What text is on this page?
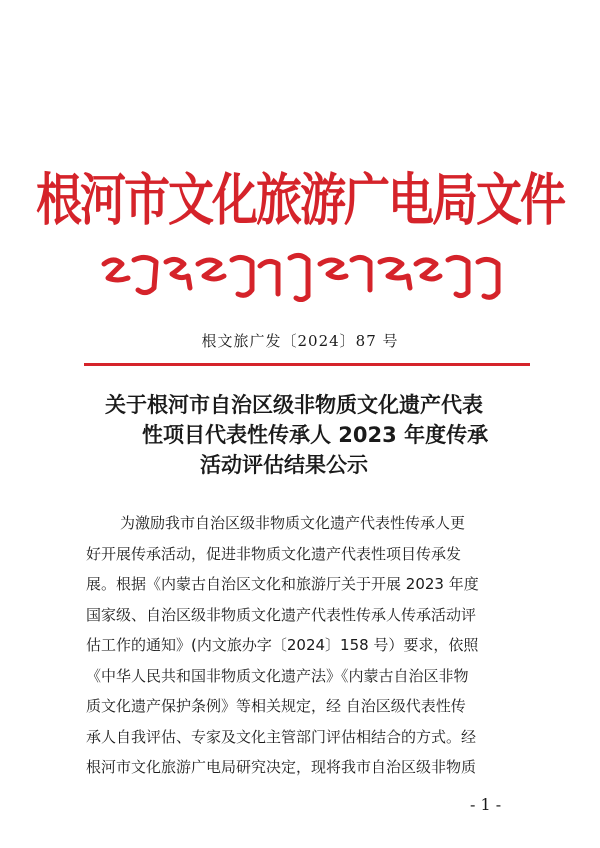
根河市文化旅游广电局文件
根文旅广发〔2024〕87 号
关于根河市自治区级非物质文化遗产代表
性项目代表性传承人 2023 年度传承
活动评估结果公示
为激励我市自治区级非物质文化遗产代表性传承人更
好开展传承活动，促进非物质文化遗产代表性项目传承发
展。根据《内蒙古自治区文化和旅游厅关于开展 2023 年度
国家级、自治区级非物质文化遗产代表性传承人传承活动评
估工作的通知》(内文旅办字〔2024〕158 号）要求，依照
《中华人民共和国非物质文化遗产法》《内蒙古自治区非物
质文化遗产保护条例》等相关规定，经 自治区级代表性传
承人自我评估、专家及文化主管部门评估相结合的方式。经
根河市文化旅游广电局研究决定，现将我市自治区级非物质
- 1 -
